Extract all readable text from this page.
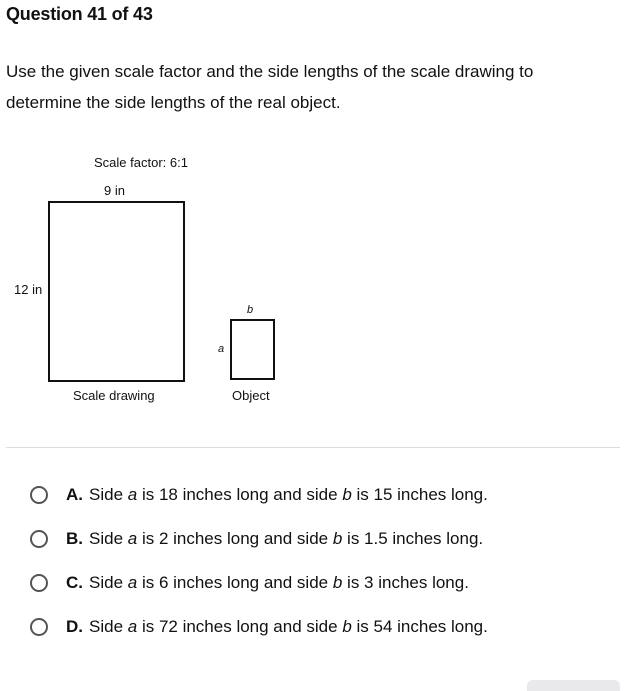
Question 41 of 43
Use the given scale factor and the side lengths of the scale drawing to determine the side lengths of the real object.
Scale factor: 6:1
9 in
12 in
Scale drawing
b
a
Object
A. Side a is 18 inches long and side b is 15 inches long.
B. Side a is 2 inches long and side b is 1.5 inches long.
C. Side a is 6 inches long and side b is 3 inches long.
D. Side a is 72 inches long and side b is 54 inches long.
